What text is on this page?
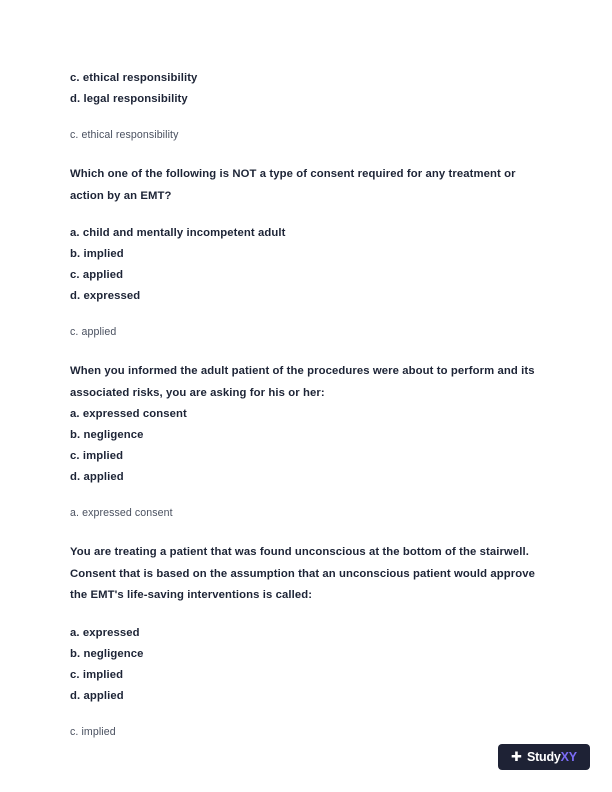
c. ethical responsibility

d. legal responsibility

c. ethical responsibility

Which one of the following is NOT a type of consent required for any treatment or action by an EMT?

a. child and mentally incompetent adult

b. implied

c. applied

d. expressed

c. applied

When you informed the adult patient of the procedures were about to perform and its associated risks, you are asking for his or her:

a. expressed consent

b. negligence

c. implied

d. applied

a. expressed consent

You are treating a patient that was found unconscious at the bottom of the stairwell. Consent that is based on the assumption that an unconscious patient would approve the EMT's life-saving interventions is called:

a. expressed

b. negligence

c. implied

d. applied

c. implied

✚ StudyXY
